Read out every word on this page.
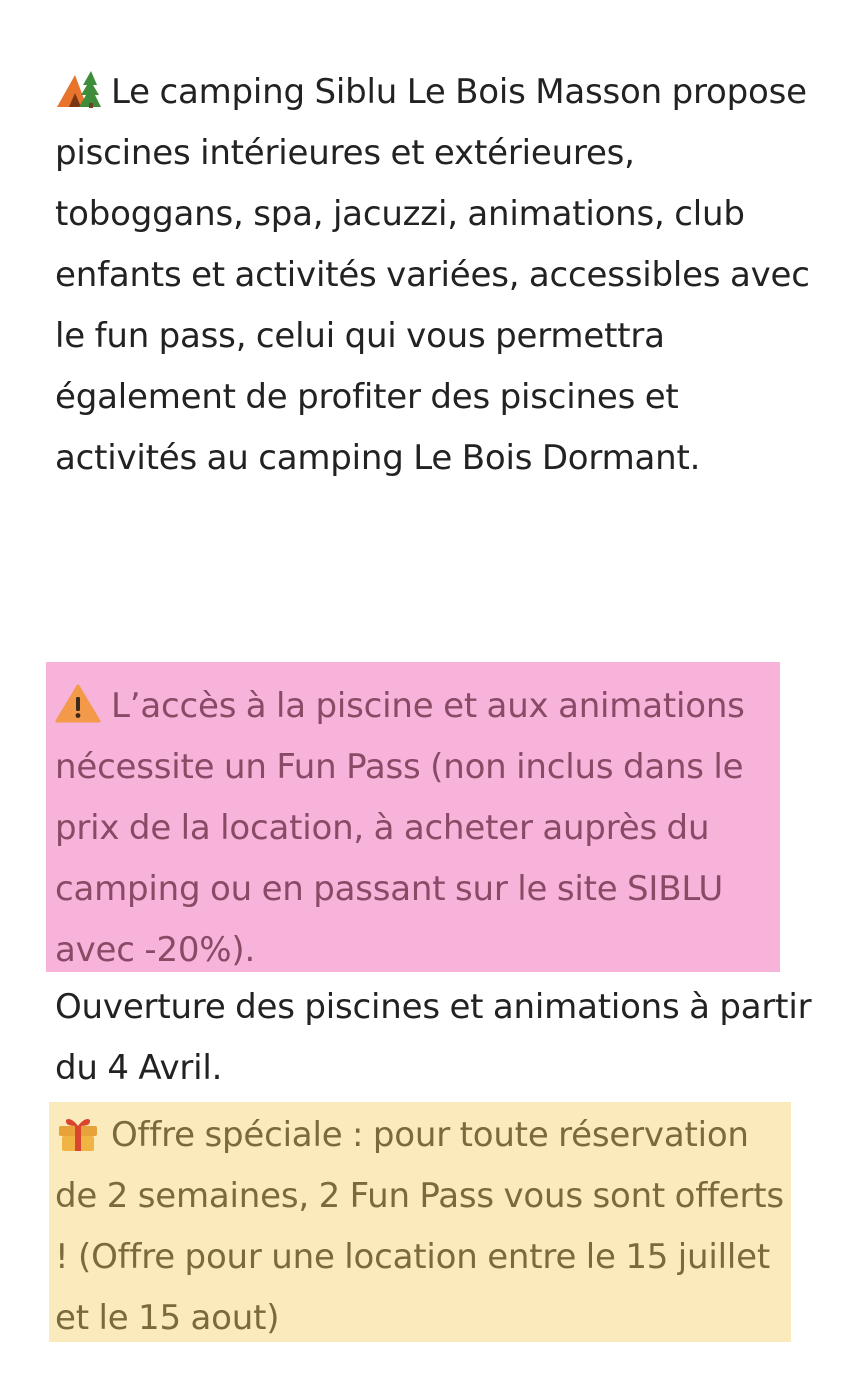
Le camping Siblu Le Bois Masson propose piscines intérieures et extérieures, toboggans, spa, jacuzzi, animations, club enfants et activités variées, accessibles avec le fun pass, celui qui vous permettra également de profiter des piscines et activités au camping Le Bois Dormant.

L’accès à la piscine et aux animations nécessite un Fun Pass (non inclus dans le prix de la location, à acheter auprès du camping ou en passant sur le site SIBLU avec -20%).

Ouverture des piscines et animations à partir du 4 Avril.

Offre spéciale : pour toute réservation de 2 semaines, 2 Fun Pass vous sont offerts ! (Offre pour une location entre le 15 juillet et le 15 aout)
